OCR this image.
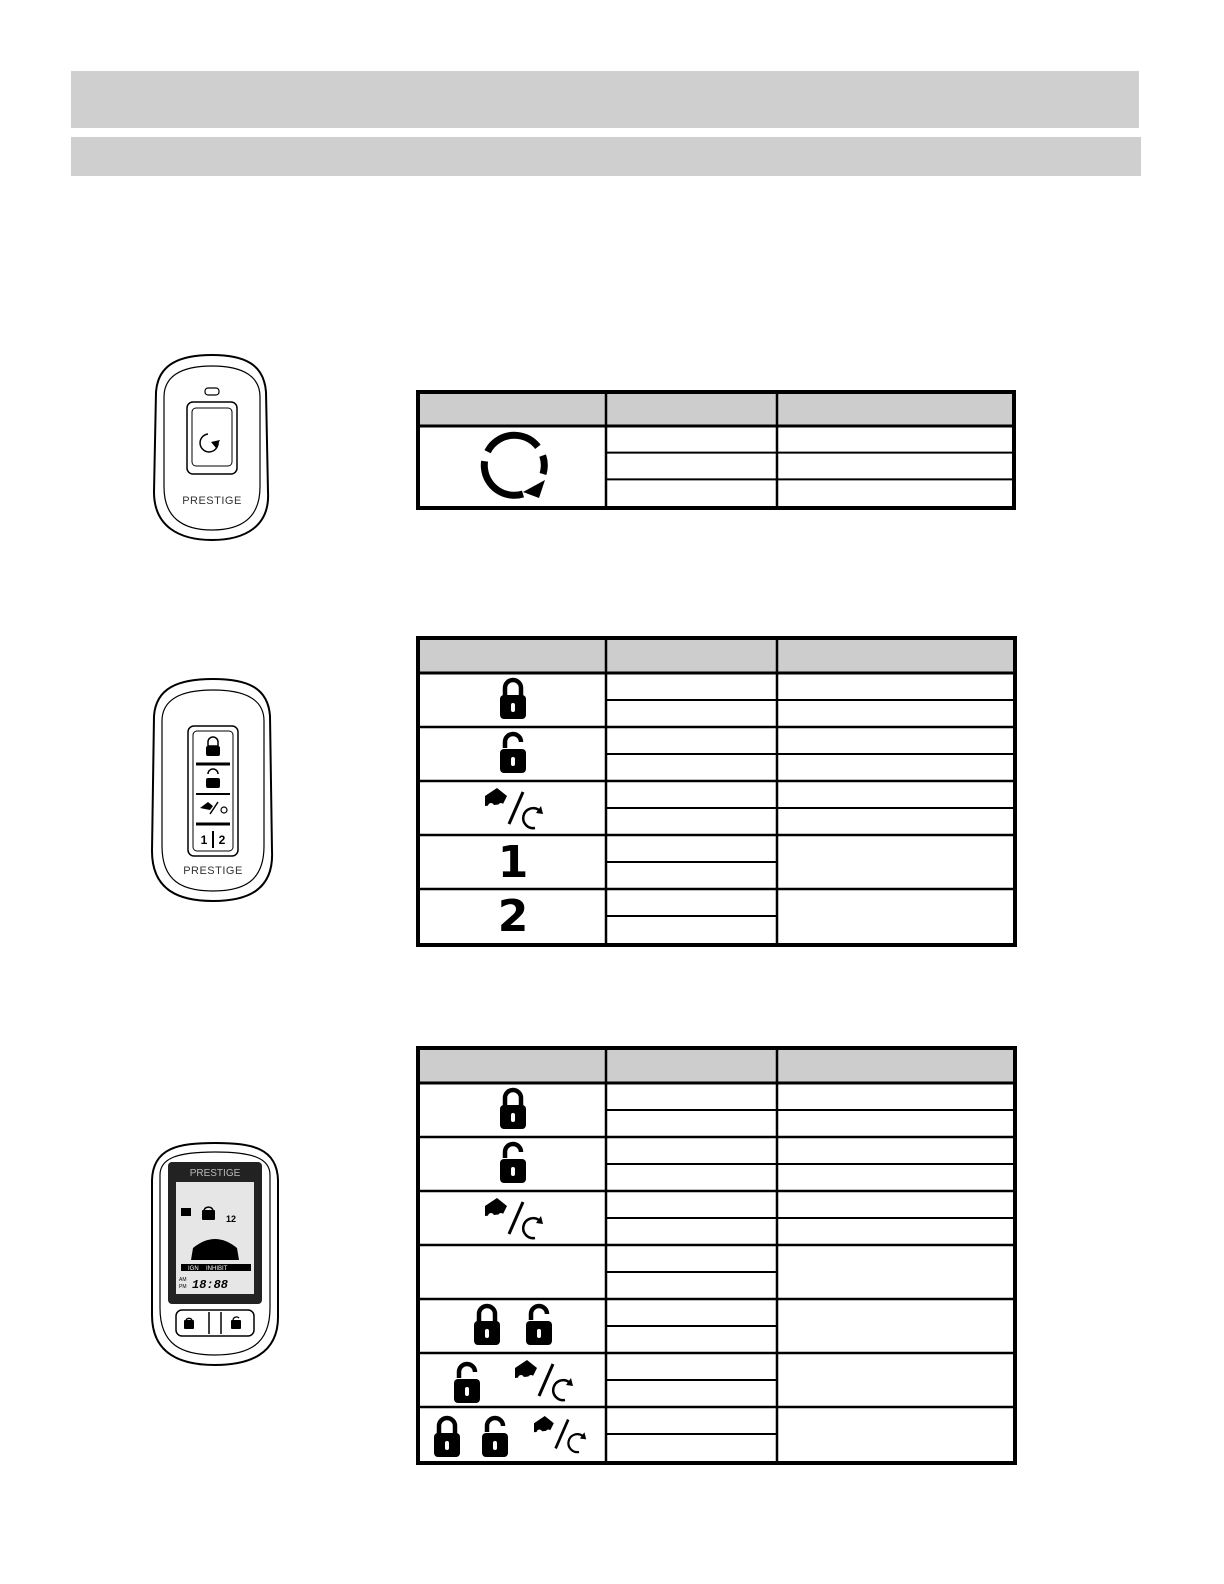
PRESTIGE
1 2
PRESTIGE
PRESTIGE
12
IGN INHIBIT
AM
PM 18:88
1
2
